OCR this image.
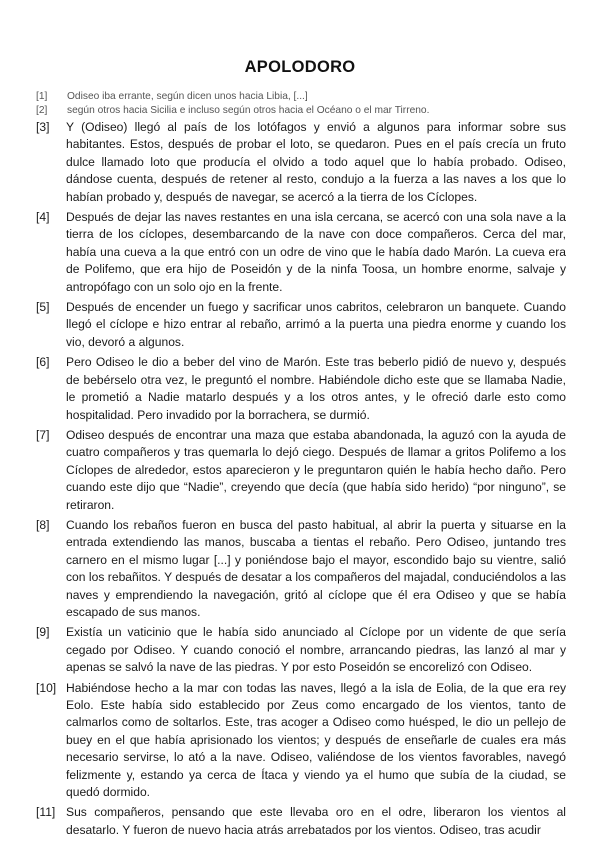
APOLODORO
[1]	Odiseo iba errante, según dicen unos hacia Libia, [...]
[2]	según otros hacia Sicilia e incluso según otros hacia el Océano o el mar Tirreno.
[3]	Y (Odiseo) llegó al país de los lotófagos y envió a algunos para informar sobre sus habitantes. Estos, después de probar el loto, se quedaron. Pues en el país crecía un fruto dulce llamado loto que producía el olvido a todo aquel que lo había probado. Odiseo, dándose cuenta, después de retener al resto, condujo a la fuerza a las naves a los que lo habían probado y, después de navegar, se acercó a la tierra de los Cíclopes.
[4]	Después de dejar las naves restantes en una isla cercana, se acercó con una sola nave a la tierra de los cíclopes, desembarcando de la nave con doce compañeros. Cerca del mar, había una cueva a la que entró con un odre de vino que le había dado Marón. La cueva era de Polifemo, que era hijo de Poseidón y de la ninfa Toosa, un hombre enorme, salvaje y antropófago con un solo ojo en la frente.
[5]	Después de encender un fuego y sacrificar unos cabritos, celebraron un banquete. Cuando llegó el cíclope e hizo entrar al rebaño, arrimó a la puerta una piedra enorme y cuando los vio, devoró a algunos.
[6]	Pero Odiseo le dio a beber del vino de Marón. Este tras beberlo pidió de nuevo y, después de bebérselo otra vez, le preguntó el nombre. Habiéndole dicho este que se llamaba Nadie, le prometió a Nadie matarlo después y a los otros antes, y le ofreció darle esto como hospitalidad. Pero invadido por la borrachera, se durmió.
[7]	Odiseo después de encontrar una maza que estaba abandonada, la aguzó con la ayuda de cuatro compañeros y tras quemarla lo dejó ciego. Después de llamar a gritos Polifemo a los Cíclopes de alrededor, estos aparecieron y le preguntaron quién le había hecho daño. Pero cuando este dijo que “Nadie”, creyendo que decía (que había sido herido) “por ninguno”, se retiraron.
[8]	Cuando los rebaños fueron en busca del pasto habitual, al abrir la puerta y situarse en la entrada extendiendo las manos, buscaba a tientas el rebaño. Pero Odiseo, juntando tres carnero en el mismo lugar [...] y poniéndose bajo el mayor, escondido bajo su vientre, salió con los rebañitos. Y después de desatar a los compañeros del majadal, conduciéndolos a las naves y emprendiendo la navegación, gritó al cíclope que él era Odiseo y que se había escapado de sus manos.
[9]	Existía un vaticinio que le había sido anunciado al Cíclope por un vidente de que sería cegado por Odiseo. Y cuando conoció el nombre, arrancando piedras, las lanzó al mar y apenas se salvó la nave de las piedras. Y por esto Poseidón se encorelizó con Odiseo.
[10] Habiéndose hecho a la mar con todas las naves, llegó a la isla de Eolia, de la que era rey Eolo. Este había sido establecido por Zeus como encargado de los vientos, tanto de calmarlos como de soltarlos. Este, tras acoger a Odiseo como huésped, le dio un pellejo de buey en el que había aprisionado los vientos; y después de enseñarle de cuales era más necesario servirse, lo ató a la nave. Odiseo, valiéndose de los vientos favorables, navegó felizmente y, estando ya cerca de Ítaca y viendo ya el humo que subía de la ciudad, se quedó dormido.
[11] Sus compañeros, pensando que este llevaba oro en el odre, liberaron los vientos al desatarlo. Y fueron de nuevo hacia atrás arrebatados por los vientos. Odiseo, tras acudir
